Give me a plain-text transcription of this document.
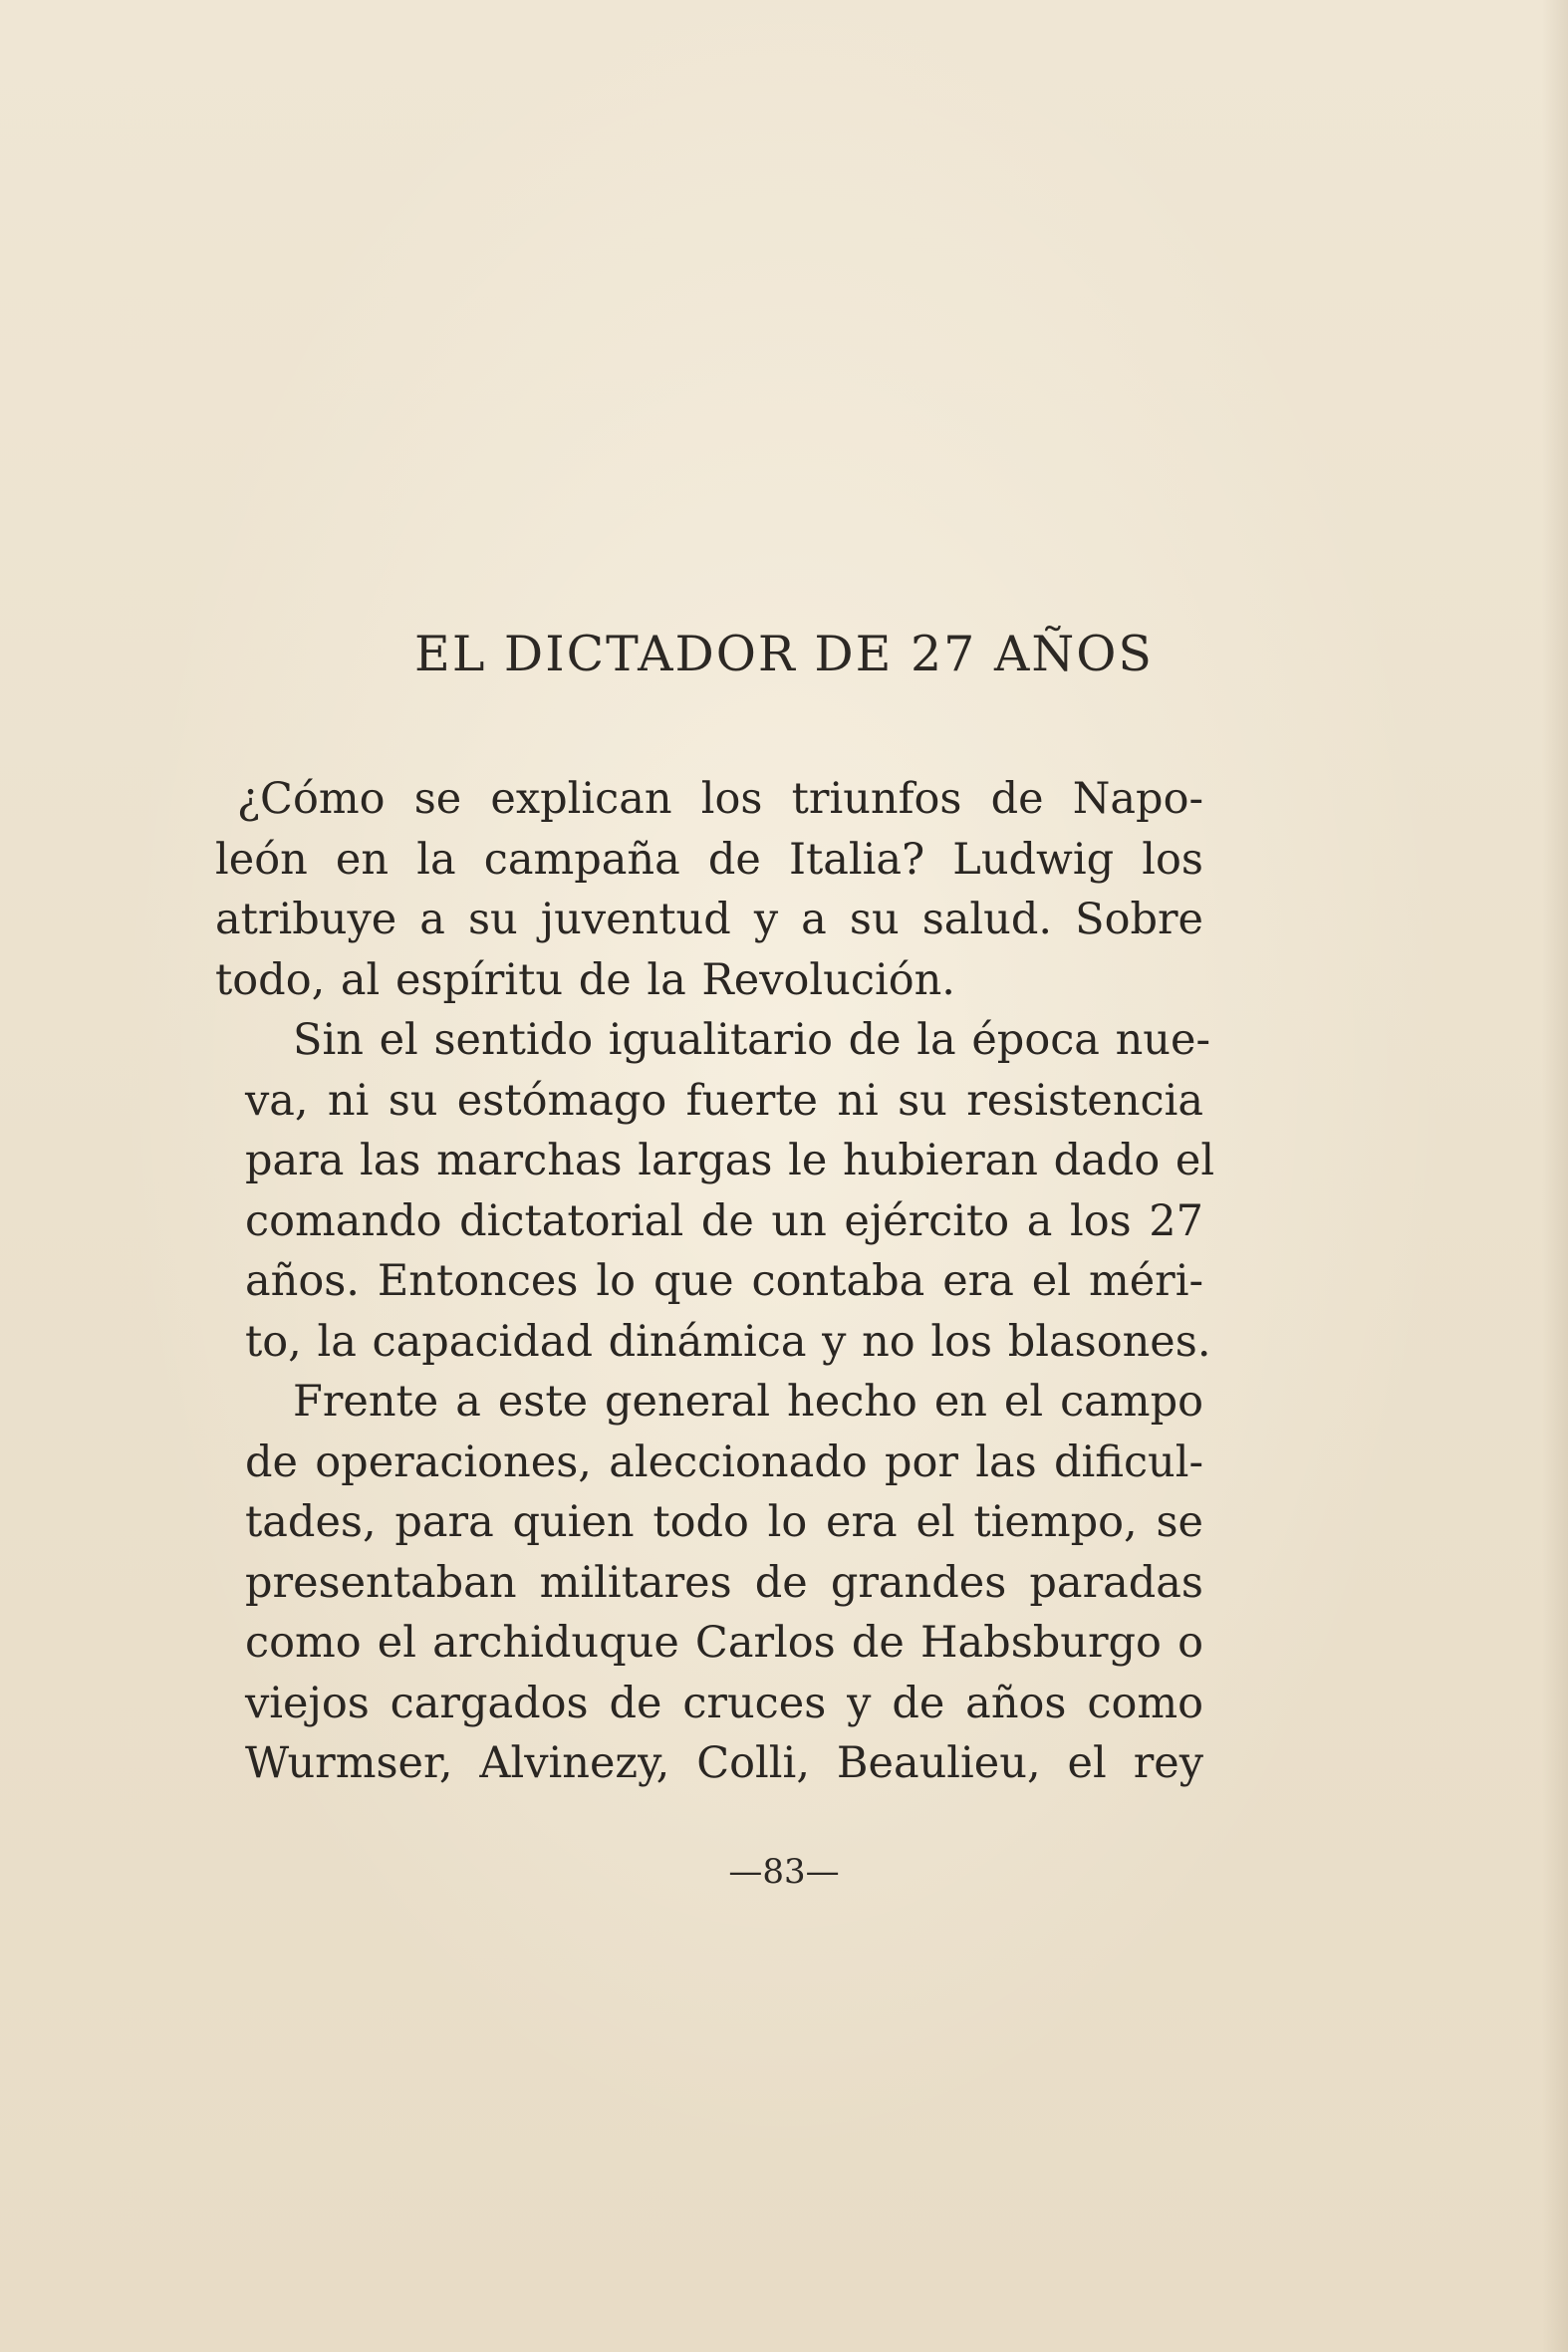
EL DICTADOR DE 27 AÑOS
¿Cómo se explican los triunfos de Napo-
león en la campaña de Italia? Ludwig los
atribuye a su juventud y a su salud. Sobre
todo, al espíritu de la Revolución.
Sin el sentido igualitario de la época nue-
va, ni su estómago fuerte ni su resistencia
para las marchas largas le hubieran dado el
comando dictatorial de un ejército a los 27
años. Entonces lo que contaba era el méri-
to, la capacidad dinámica y no los blasones.
Frente a este general hecho en el campo
de operaciones, aleccionado por las dificul-
tades, para quien todo lo era el tiempo, se
presentaban militares de grandes paradas
como el archiduque Carlos de Habsburgo o
viejos cargados de cruces y de años como
Wurmser, Alvinezy, Colli, Beaulieu, el rey
—83—
